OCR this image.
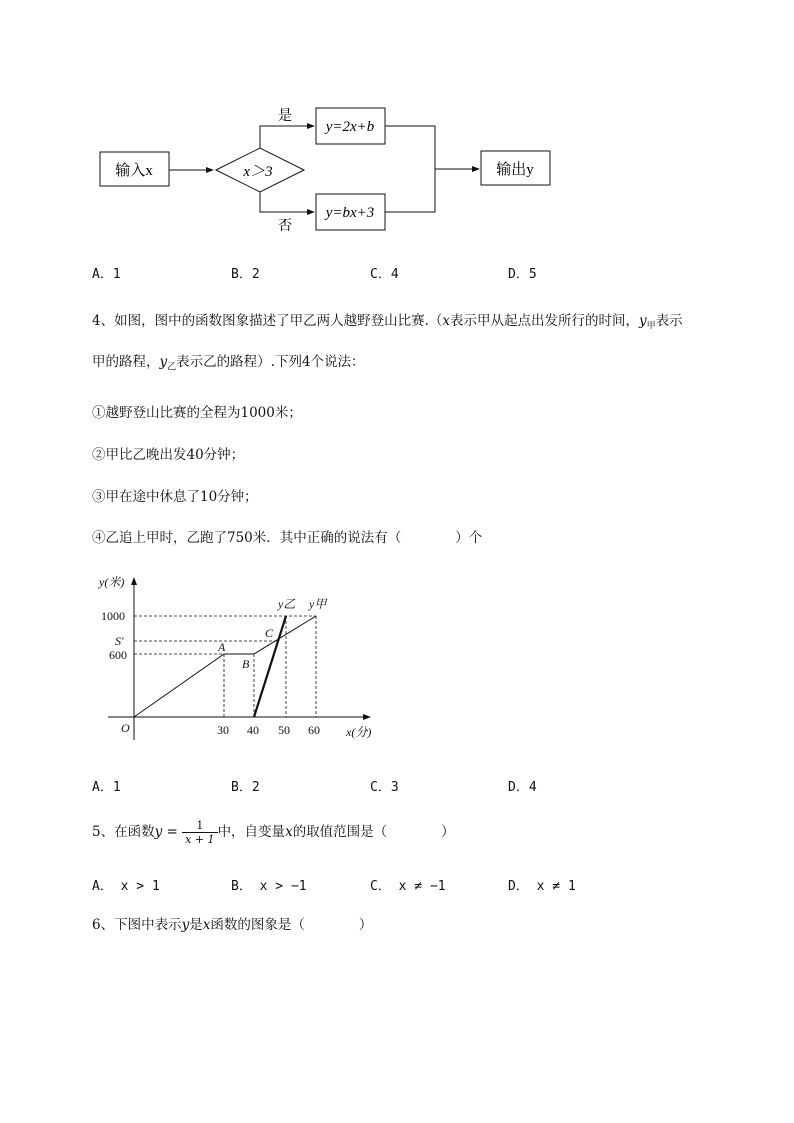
输入x	x＞3
是
否
y=2x+b
y=bx+3
输出y
A．1	B．2	C．4	D．5
4、如图，图中的函数图象描述了甲乙两人越野登山比赛.（x表示甲从起点出发所行的时间，$y_甲$表示
甲的路程，$y_乙$表示乙的路程）.下列4个说法：
①越野登山比赛的全程为1000米；
②甲比乙晚出发40分钟；
③甲在途中休息了10分钟；
④乙追上甲时，乙跑了750米．其中正确的说法有（　　　　）个
y(米)
x(分)
O
1000
S′
600
30 40 50 60
A
B
C
y乙 y甲
A．1	B．2	C．3	D．4
5、在函数$y = \frac{1}{x + 1}$ 中，自变量x的取值范围是（　　　　）
A． x > 1	B． x > −1	C． x ≠ −1	D． x ≠ 1
6、下图中表示y是x函数的图象是（　　　　）
